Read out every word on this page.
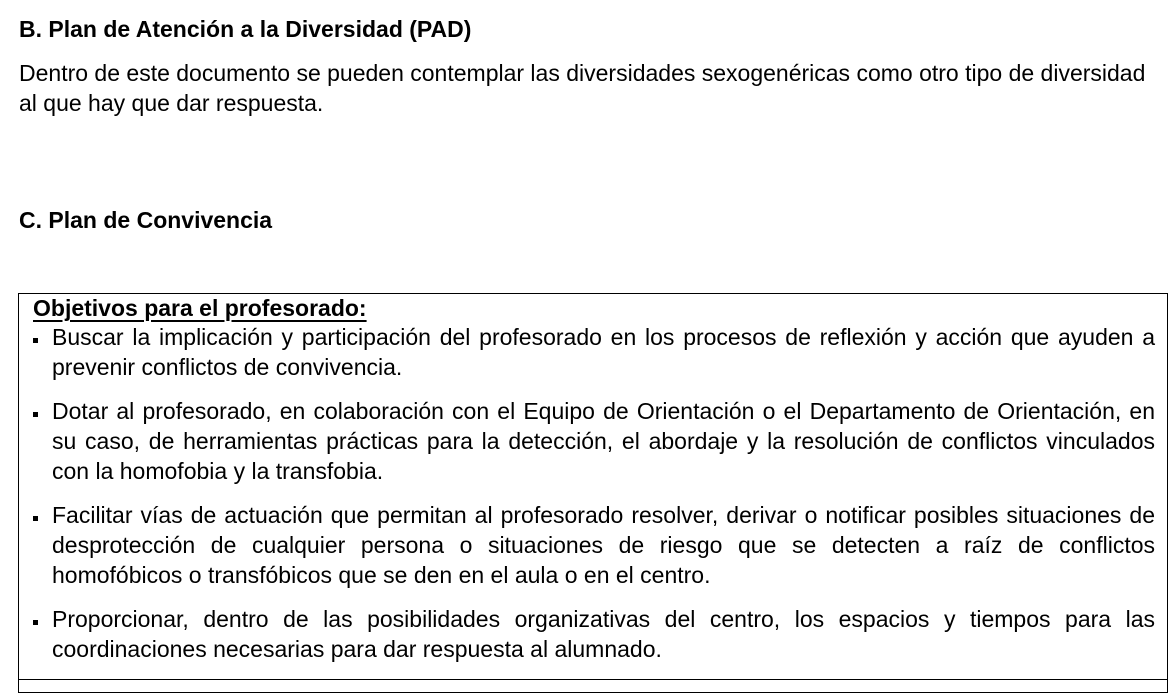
B. Plan de Atención a la Diversidad (PAD)

Dentro de este documento se pueden contemplar las diversidades sexogenéricas como otro tipo de diversidad al que hay que dar respuesta.

C. Plan de Convivencia
Objetivos para el profesorado:
Buscar la implicación y participación del profesorado en los procesos de reflexión y acción que ayuden a prevenir conflictos de convivencia.
Dotar al profesorado, en colaboración con el Equipo de Orientación o el Departamento de Orientación, en su caso, de herramientas prácticas para la detección, el abordaje y la resolución de conflictos vinculados con la homofobia y la transfobia.
Facilitar vías de actuación que permitan al profesorado resolver, derivar o notificar posibles situaciones de desprotección de cualquier persona o situaciones de riesgo que se detecten a raíz de conflictos homofóbicos o transfóbicos que se den en el aula o en el centro.
Proporcionar, dentro de las posibilidades organizativas del centro, los espacios y tiempos para las coordinaciones necesarias para dar respuesta al alumnado.
